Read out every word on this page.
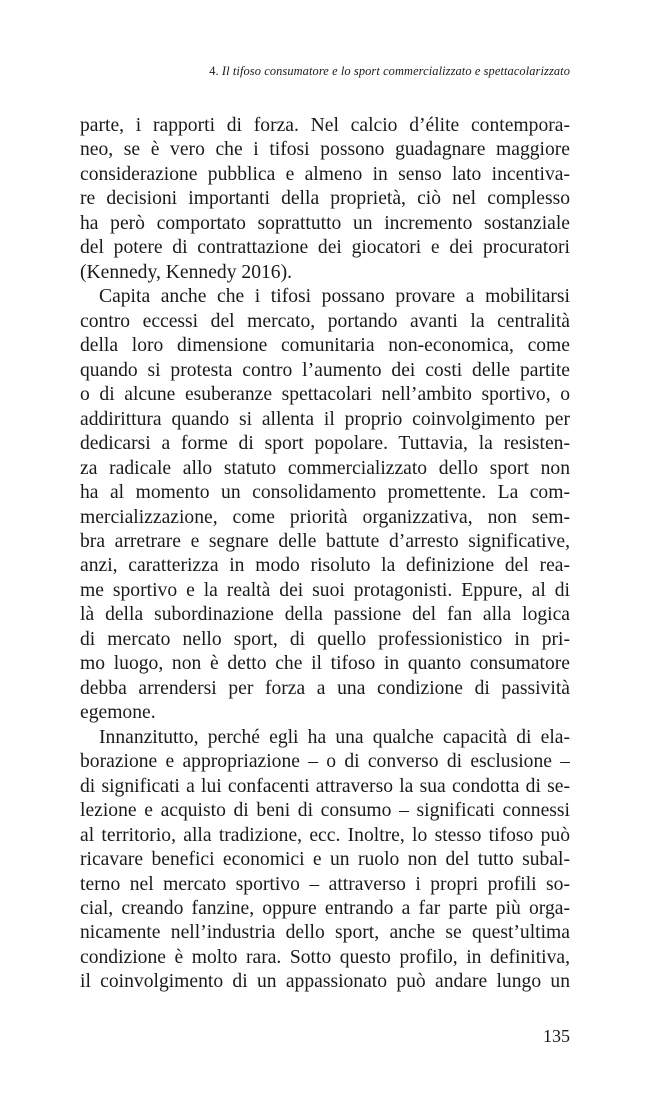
4. Il tifoso consumatore e lo sport commercializzato e spettacolarizzato
parte, i rapporti di forza. Nel calcio d’élite contempora-
neo, se è vero che i tifosi possono guadagnare maggiore
considerazione pubblica e almeno in senso lato incentiva-
re decisioni importanti della proprietà, ciò nel complesso
ha però comportato soprattutto un incremento sostanziale
del potere di contrattazione dei giocatori e dei procuratori
(Kennedy, Kennedy 2016).
Capita anche che i tifosi possano provare a mobilitarsi
contro eccessi del mercato, portando avanti la centralità
della loro dimensione comunitaria non-economica, come
quando si protesta contro l’aumento dei costi delle partite
o di alcune esuberanze spettacolari nell’ambito sportivo, o
addirittura quando si allenta il proprio coinvolgimento per
dedicarsi a forme di sport popolare. Tuttavia, la resisten-
za radicale allo statuto commercializzato dello sport non
ha al momento un consolidamento promettente. La com-
mercializzazione, come priorità organizzativa, non sem-
bra arretrare e segnare delle battute d’arresto significative,
anzi, caratterizza in modo risoluto la definizione del rea-
me sportivo e la realtà dei suoi protagonisti. Eppure, al di
là della subordinazione della passione del fan alla logica
di mercato nello sport, di quello professionistico in pri-
mo luogo, non è detto che il tifoso in quanto consumatore
debba arrendersi per forza a una condizione di passività
egemone.
Innanzitutto, perché egli ha una qualche capacità di ela-
borazione e appropriazione – o di converso di esclusione –
di significati a lui confacenti attraverso la sua condotta di se-
lezione e acquisto di beni di consumo – significati connessi
al territorio, alla tradizione, ecc. Inoltre, lo stesso tifoso può
ricavare benefici economici e un ruolo non del tutto subal-
terno nel mercato sportivo – attraverso i propri profili so-
cial, creando fanzine, oppure entrando a far parte più orga-
nicamente nell’industria dello sport, anche se quest’ultima
condizione è molto rara. Sotto questo profilo, in definitiva,
il coinvolgimento di un appassionato può andare lungo un
135
